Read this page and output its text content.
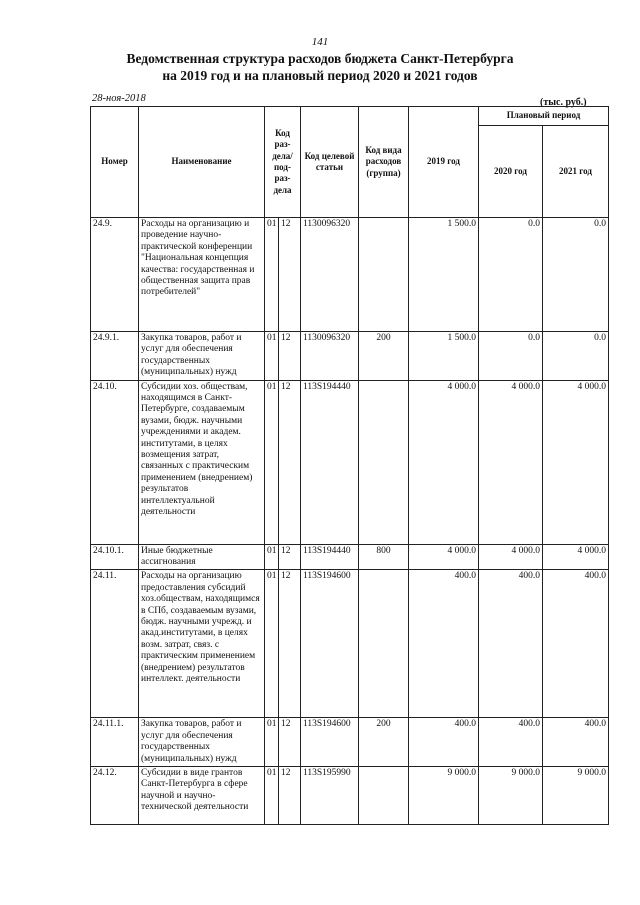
141
Ведомственная структура расходов бюджета Санкт-Петербурга
на 2019 год и на плановый период 2020 и 2021 годов
28-ноя-2018	(тыс. руб.)
Номер	Наименование	Код раз-дела/ под-раз-дела		Код целевой статьи	Код вида расходов (группа)	2019 год	Плановый период	
							2020 год	2021 год
24.9.	Расходы на организацию и проведение научно-практической конференции "Национальная концепция качества: государственная и общественная защита прав потребителей"	01	12	1130096320		1 500.0	0.0	0.0
24.9.1.	Закупка товаров, работ и услуг для обеспечения государственных (муниципальных) нужд	01	12	1130096320	200	1 500.0	0.0	0.0
24.10.	Субсидии хоз. обществам, находящимся в Санкт-Петербурге, создаваемым вузами, бюдж. научными учреждениями и академ. институтами, в целях возмещения затрат, связанных с практическим применением (внедрением) результатов интеллектуальной деятельности	01	12	113S194440		4 000.0	4 000.0	4 000.0
24.10.1.	Иные бюджетные ассигнования	01	12	113S194440	800	4 000.0	4 000.0	4 000.0
24.11.	Расходы на организацию предоставления субсидий хоз.обществам, находящимся в СПб, создаваемым вузами, бюдж. научными учрежд. и акад.институтами, в целях возм. затрат, связ. с практическим применением (внедрением) результатов интеллект. деятельности	01	12	113S194600		400.0	400.0	400.0
24.11.1.	Закупка товаров, работ и услуг для обеспечения государственных (муниципальных) нужд	01	12	113S194600	200	400.0	400.0	400.0
24.12.	Субсидии в виде грантов Санкт-Петербурга в сфере научной и научно-технической деятельности	01	12	113S195990		9 000.0	9 000.0	9 000.0
